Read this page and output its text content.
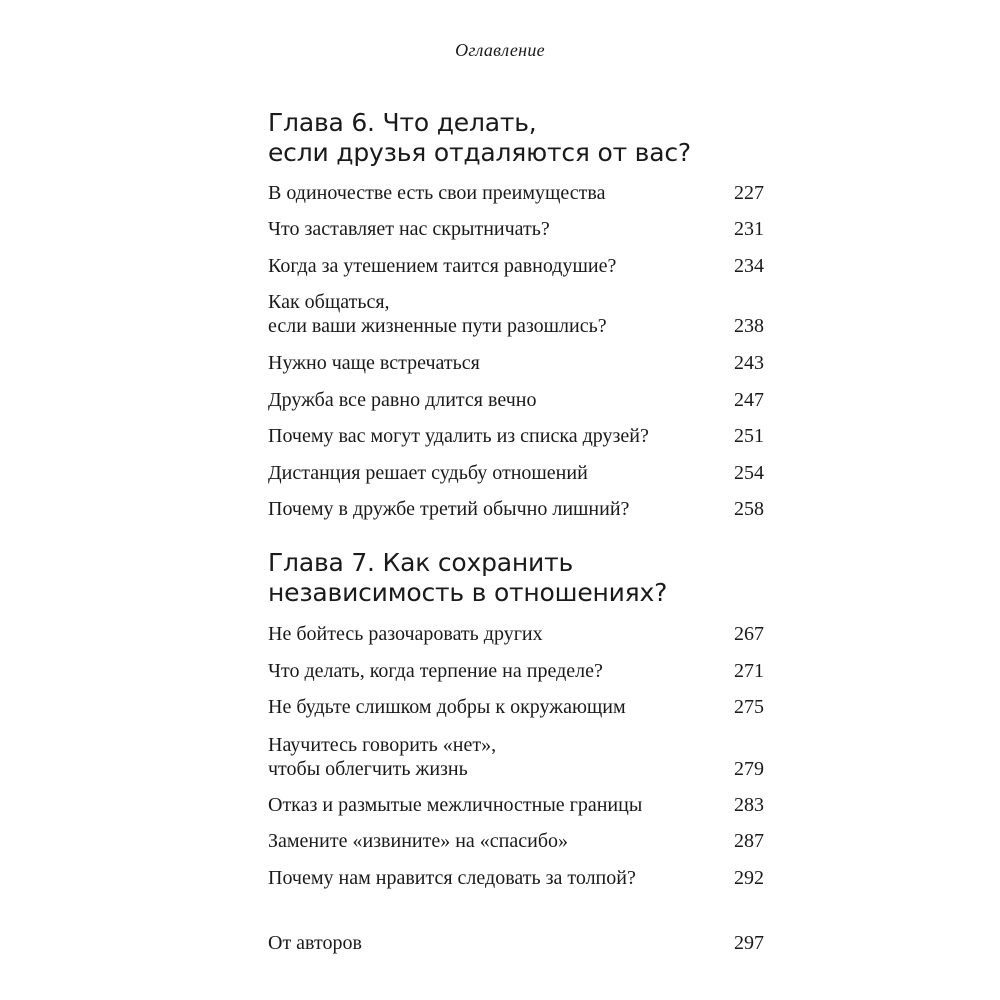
Оглавление
Глава 6. Что делать,
если друзья отдаляются от вас?
В одиночестве есть свои преимущества	227
Что заставляет нас скрытничать?	231
Когда за утешением таится равнодушие?	234
Как общаться,
если ваши жизненные пути разошлись?	238
Нужно чаще встречаться	243
Дружба все равно длится вечно	247
Почему вас могут удалить из списка друзей?	251
Дистанция решает судьбу отношений	254
Почему в дружбе третий обычно лишний?	258
Глава 7. Как сохранить
независимость в отношениях?
Не бойтесь разочаровать других	267
Что делать, когда терпение на пределе?	271
Не будьте слишком добры к окружающим	275
Научитесь говорить «нет»,
чтобы облегчить жизнь	279
Отказ и размытые межличностные границы	283
Замените «извините» на «спасибо»	287
Почему нам нравится следовать за толпой?	292
От авторов	297
